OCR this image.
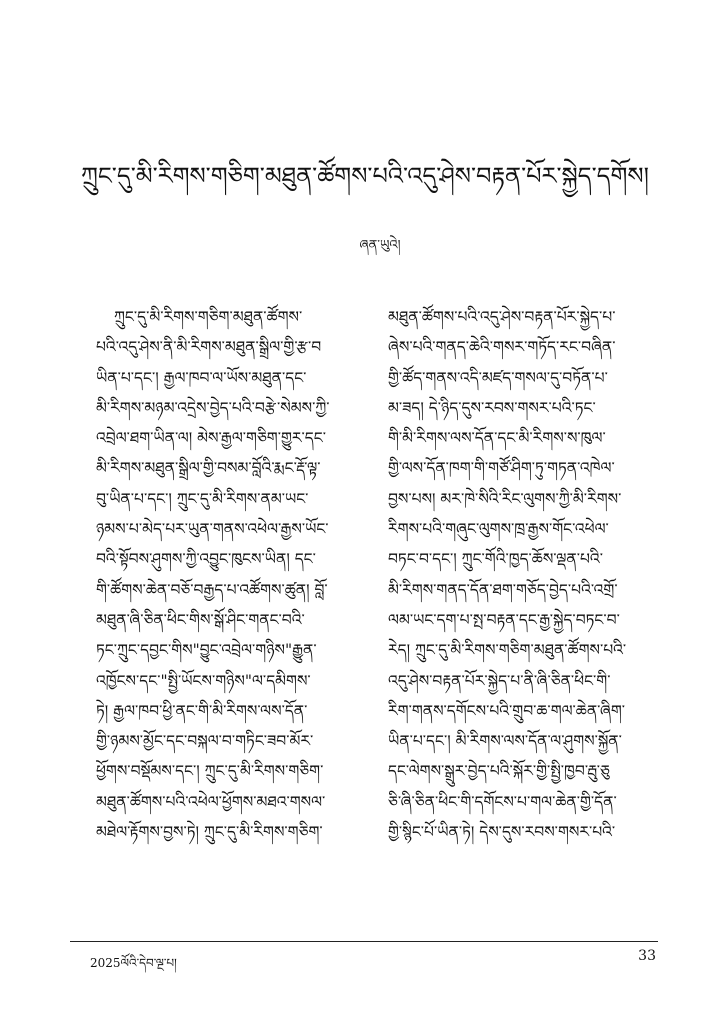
ཀྲུང་དུ་མི་རིགས་གཅིག་མཐུན་ཚོགས་པའི་འདུ་ཤེས་བརྟན་པོར་སྐྱེད་དགོས།
ཞན་ཡུའེ།
ཀྲུང་དུ་མི་རིགས་གཅིག་མཐུན་ཚོགས་
པའི་འདུ་ཤེས་ནི་མི་རིགས་མཐུན་སྒྲིལ་གྱི་རྩ་བ
ཡིན་པ་དང་། རྒྱལ་ཁབ་ལ་ཡོས་མཐུན་དང་
མི་རིགས་མཉམ་འདྲེས་བྱེད་པའི་བརྩེ་སེམས་ཀྱི་
འབྲེལ་ཐག་ཡིན་ལ། མེས་རྒྱལ་གཅིག་གྱུར་དང་
མི་རིགས་མཐུན་སྒྲིལ་གྱི་བསམ་བློའི་རྨང་རྡོ་ལྟ་
བུ་ཡིན་པ་དང་། ཀྲུང་དུ་མི་རིགས་ནམ་ཡང་
ཉམས་པ་མེད་པར་ཡུན་གནས་འཕེལ་རྒྱས་ཡོང་
བའི་སྟོབས་ཤུགས་ཀྱི་འབྱུང་ཁུངས་ཡིན། དང་
གི་ཚོགས་ཆེན་བཅོ་བརྒྱད་པ་འཚོགས་ཚུན། བློ་
མཐུན་ཞི་ཅིན་ཕིང་གིས་སྒོ་ཤིང་གནང་བའི་
ཏང་ཀྲུང་དབྱང་གིས"བྱུང་འབྲེལ་གཉིས"རྒྱུན་
འཁྱོངས་དང་"སྤྱི་ཡོངས་གཉིས"ལ་དམིགས་
ཏེ། རྒྱལ་ཁབ་ཕྱི་ནང་གི་མི་རིགས་ལས་དོན་
གྱི་ཉམས་མྱོང་དང་བསྐལ་བ་གཏིང་ཟབ་མོར་
ཕྱོགས་བསྡོམས་དང་། ཀྲུང་དུ་མི་རིགས་གཅིག་
མཐུན་ཚོགས་པའི་འཕེལ་ཕྱོགས་མཐའ་གསལ་
མཐེལ་རྟོགས་བྱས་ཏེ། ཀྲུང་དུ་མི་རིགས་གཅིག་
མཐུན་ཚོགས་པའི་འདུ་ཤེས་བརྟན་པོར་སྐྱེད་པ་
ཞེས་པའི་གནད་ཆེའི་གསར་གཏོད་རང་བཞིན་
གྱི་ཚོད་གནས་འདི་མཛད་གསལ་དུ་བཏོན་པ་
མ་ཟད། དེ་ཉིད་དུས་རབས་གསར་པའི་ཏང་
གི་མི་རིགས་ལས་དོན་དང་མི་རིགས་ས་ཁུལ་
གྱི་ལས་དོན་ཁག་གི་གཙོ་ཤིག་ཏུ་གཏན་འཁེལ་
བྱས་པས། མར་ཁེ་སིའི་རིང་ལུགས་ཀྱི་མི་རིགས་
རིགས་པའི་གཞུང་ལུགས་ཁྲ་རྒྱས་གོང་འཕེལ་
བཏང་བ་དང་། ཀྲུང་གོའི་ཁྱད་ཆོས་ལྡན་པའི་
མི་རིགས་གནད་དོན་ཐག་གཅོད་བྱེད་པའི་འགྲོ་
ལམ་ཡང་དག་པ་སྤ་བརྟན་དང་རྒྱ་སྐྱེད་བཏང་བ་
རེད། ཀྲུང་དུ་མི་རིགས་གཅིག་མཐུན་ཚོགས་པའི་
འདུ་ཤེས་བརྟན་པོར་སྐྱེད་པ་ནི་ཞི་ཅིན་ཕིང་གི་
རིག་གནས་དགོངས་པའི་གྲུབ་ཆ་གལ་ཆེན་ཞིག་
ཡིན་པ་དང་། མི་རིགས་ལས་དོན་ལ་ཤུགས་སྐྱོན་
དང་ལེགས་སྒྲུར་བྱེད་པའི་སྐོར་གྱི་སྤྱི་ཁྱབ་རྦུ་ཅུ
ཅི་ཞི་ཅིན་ཕིང་གི་དགོངས་པ་གལ་ཆེན་གྱི་དོན་
གྱི་སྙིང་པོ་ཡིན་ཏེ། དེས་དུས་རབས་གསར་པའི་
2025ལོའི་དེབ་ལྔ་པ།	33
